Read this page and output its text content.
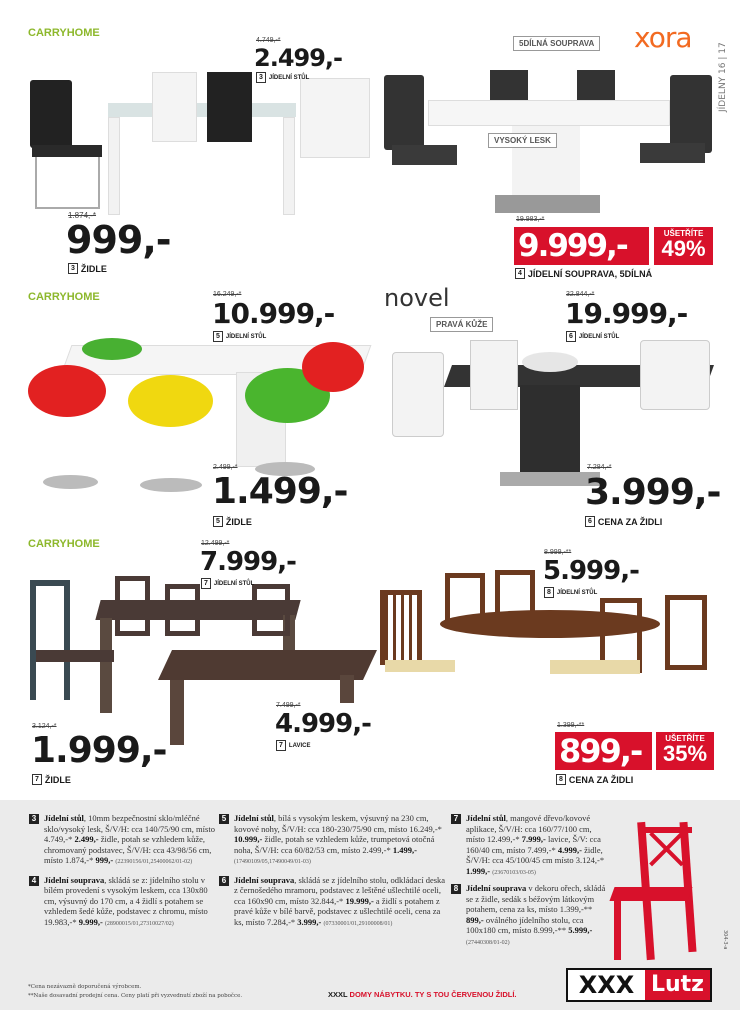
CARRYHOME
4.749,-*
2.499,-
3	JÍDELNÍ STŮL
1.874,-*
999,-
3 ŽIDLE
xora
JÍDELNY 16 | 17
5DÍLNÁ SOUPRAVA
VYSOKÝ LESK
19.983,-*
9.999,-	UŠETŘÍTE
49%
4 JÍDELNÍ SOUPRAVA, 5DÍLNÁ
CARRYHOME	16.249,-*
10.999,-
5	JÍDELNÍ STŮL
2.499,-*
1.499,-
5 ŽIDLE
novel
PRAVÁ KŮŽE
32.844,-*
19.999,-
6	JÍDELNÍ STŮL
7.284,-*
3.999,-
6 CENA ZA ŽIDLI
CARRYHOME	12.499,-*
7.999,-
7	JÍDELNÍ STŮL
7.499,-*
4.999,-
7	LAVICE
3.124,-*
1.999,-
7 ŽIDLE
8.999,-**
5.999,-
8	JÍDELNÍ STŮL
1.399,-**
899,-	UŠETŘÍTE
35%
8 CENA ZA ŽIDLI
3 Jídelní stůl, 10mm bezpečnostní sklo/mléčné sklo/vysoký lesk, Š/V/H: cca 140/75/90 cm, místo 4.749,-* 2.499,- židle, potah se vzhledem kůže, chromovaný podstavec, Š/V/H: cca 43/98/56 cm, místo 1.874,-* 999,- (22390156/01,25400062/01-02)
4 Jídelní souprava, skládá se z: jídelního stolu v bílém provedení s vysokým leskem, cca 130x80 cm, výsuvný do 170 cm, a 4 židlí s potahem se vzhledem šedé kůže, podstavec z chromu, místo 19.983,-* 9.999,- (28900015/01,27310027/02)
5 Jídelní stůl, bílá s vysokým leskem, výsuvný na 230 cm, kovové nohy, Š/V/H: cca 180-230/75/90 cm, místo 16.249,-* 10.999,- židle, potah se vzhledem kůže, trumpetová otočná noha, Š/V/H: cca 60/82/53 cm, místo 2.499,-* 1.499,- (17490109/05,17490049/01-03)
6 Jídelní souprava, skládá se z jídelního stolu, odkládací deska z černošedého mramoru, podstavec z leštěné ušlechtilé oceli, cca 160x90 cm, místo 32.844,-* 19.999,- a židlí s potahem z pravé kůže v bílé barvě, podstavec z ušlechtilé oceli, cena za ks, místo 7.284,-* 3.999,- (07330001/01,29100008/01)
7 Jídelní stůl, mangové dřevo/kovové aplikace, Š/V/H: cca 160/77/100 cm, místo 12.499,-* 7.999,- lavice, Š/V: cca 160/40 cm, místo 7.499,-* 4.999,- židle, Š/V/H: cca 45/100/45 cm místo 3.124,-* 1.999,- (23670103/03-05)
8 Jídelní souprava v dekoru ořech, skládá se z židle, sedák s béžovým látkovým potahem, cena za ks, místo 1.399,-** 899,- oválného jídelního stolu, cca 100x180 cm, místo 8.999,-** 5.999,- (27440308/01-02)
*Cena nezávazně doporučená výrobcem.
**Naše dosavadní prodejní cena. Ceny platí při vyzvednutí zboží na pobočce.	XXXL DOMY NÁBYTKU. TY S TOU ČERVENOU ŽIDLÍ.	XXX Lutz
304-3-a
